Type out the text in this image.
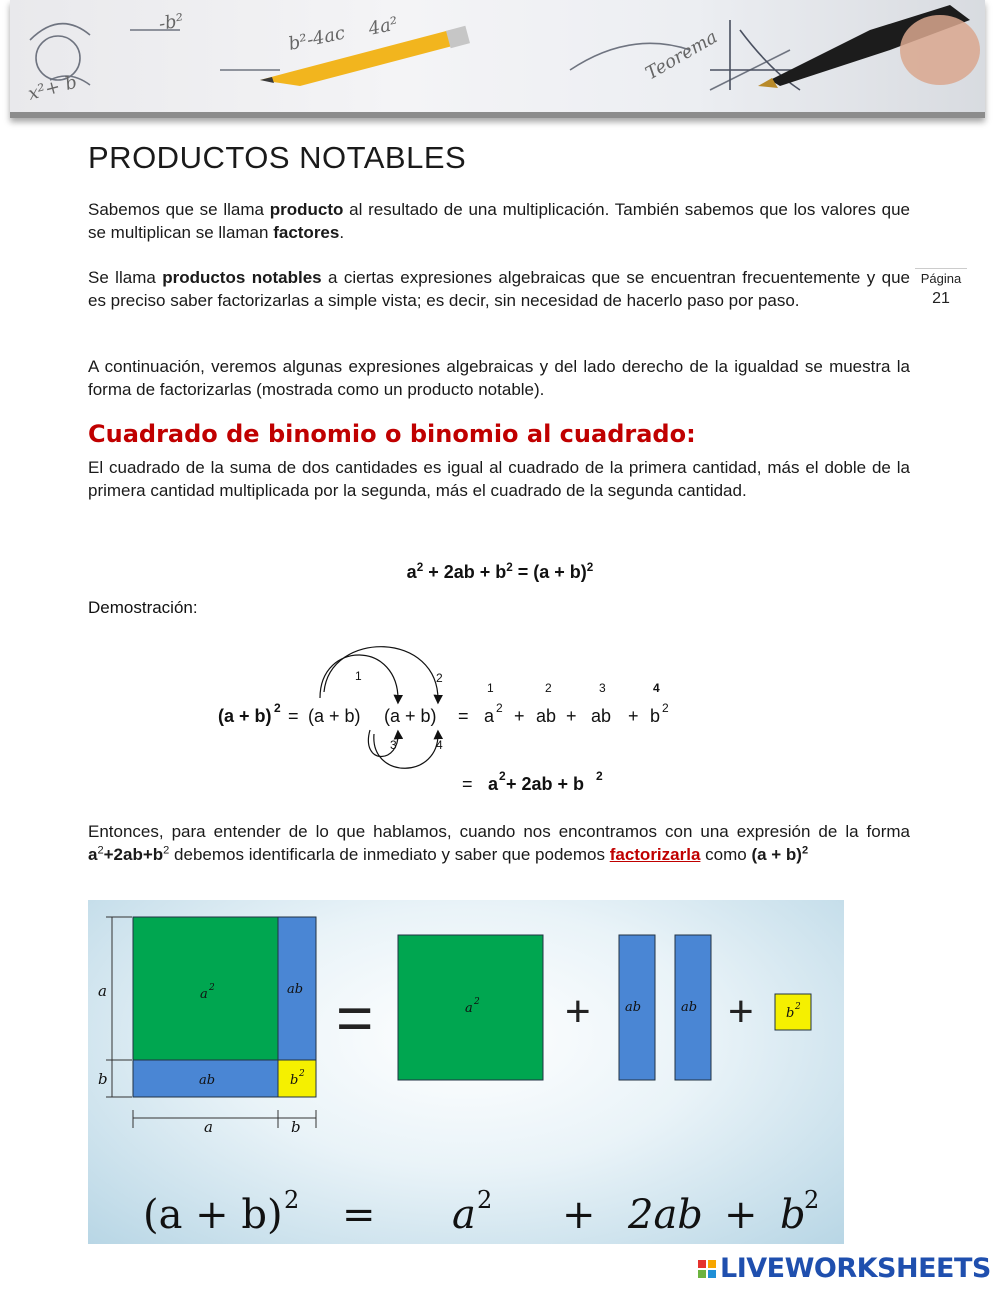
x²+ b
-b²
b²-4ac 4a²
Teorema
Página
21
PRODUCTOS NOTABLES

Sabemos que se llama producto al resultado de una multiplicación. También sabemos que los valores que se multiplican se llaman factores.

Se llama productos notables a ciertas expresiones algebraicas que se encuentran frecuentemente y que es preciso saber factorizarlas a simple vista; es decir, sin necesidad de hacerlo paso por paso.

A continuación, veremos algunas expresiones algebraicas y del lado derecho de la igualdad se muestra la forma de factorizarlas (mostrada como un producto notable).

Cuadrado de binomio o binomio al cuadrado:

El cuadrado de la suma de dos cantidades es igual al cuadrado de la primera cantidad, más el doble de la primera cantidad multiplicada por la segunda, más el cuadrado de la segunda cantidad.

$a^2 + 2ab + b^2 = (a + b)^2$
Demostración:
1	2
3	4
(a + b) 2 = (a + b) (a + b) = a 2 + ab + ab + b 2
1	2	3	4
= a 2 + 2ab + b 2

Entonces, para entender de lo que hablamos, cuando nos encontramos con una expresión de la forma $a^2+2ab+b^2$ debemos identificarla de inmediato y saber que podemos factorizarla como $(a + b)^2$

a
b
a	b
a 2	ab
ab	b 2
=	a 2 +	ab	ab + b 2
(a + b) 2 = a 2 + 2ab + b
2
LIVEWORKSHEETS
